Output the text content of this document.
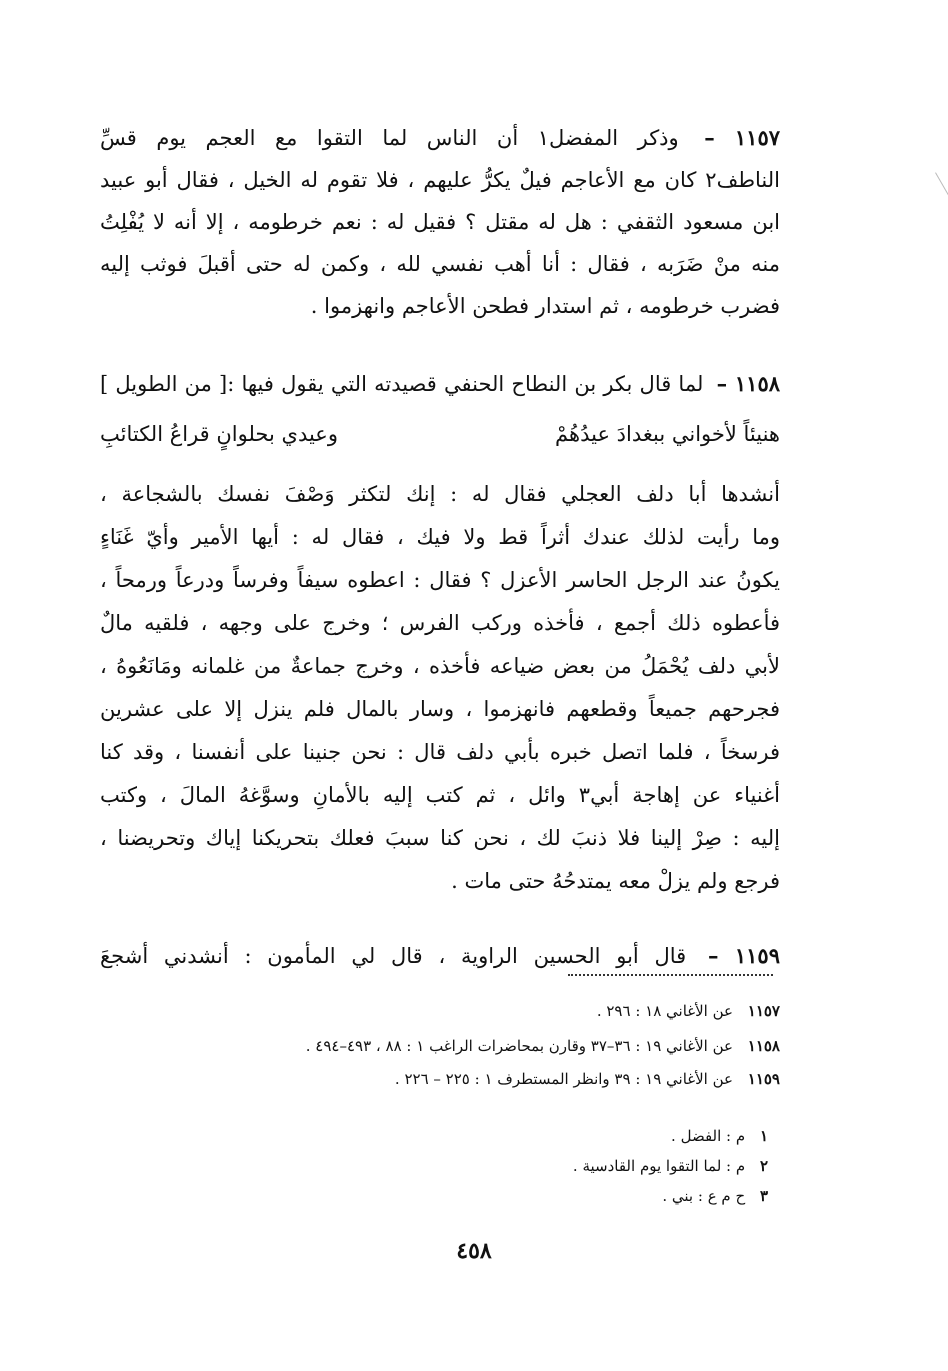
١١٥٧ – وذكر المفضل١ أن الناس لما التقوا مع العجم يوم قسِّ
الناطف٢ كان مع الأعاجم فيلٌ يكرُّ عليهم ، فلا تقوم له الخيل ، فقال أبو عبيد
ابن مسعود الثقفي : هل له مقتل ؟ فقيل له : نعم خرطومه ، إلا أنه لا يُفْلِتُ
منه منْ ضَرَبه ، فقال : أنا أهب نفسي لله ، وكمن له حتى أقبلَ فوثب إليه
فضرب خرطومه ، ثم استدار فطحن الأعاجم وانهزموا .
١١٥٨ – لما قال بكر بن النطاح الحنفي قصيدته التي يقول فيها :[ من الطويل ]
هنيئاً لأخواني ببغدادَ عيدُهُمْ
وعيدي بحلوانٍ قراعُ الكتائبِ
أنشدها أبا دلف العجلي فقال له : إنك لتكثر وَصْفَ نفسك بالشجاعة ،
وما رأيت لذلك عندك أثراً قط ولا فيك ، فقال له : أيها الأمير وأيّ غَنَاءٍ
يكونُ عند الرجل الحاسر الأعزل ؟ فقال : اعطوه سيفاً وفرساً ودرعاً ورمحاً ،
فأعطوه ذلك أجمع ، فأخذه وركب الفرس ؛ وخرج على وجهه ، فلقيه مالٌ
لأبي دلف يُحْمَلُ من بعض ضياعه فأخذه ، وخرج جماعةٌ من غلمانه ومَانَعُوهُ ،
فجرحهم جميعاً وقطعهم فانهزموا ، وسار بالمال فلم ينزل إلا على عشرين
فرسخاً ، فلما اتصل خبره بأبي دلف قال : نحن جنينا على أنفسنا ، وقد كنا
أغنياء عن إهاجة أبي٣ وائل ، ثم كتب إليه بالأمانِ وسوَّغهُ المالَ ، وكتب
إليه : صِرْ إلينا فلا ذنبَ لك ، نحن كنا سببَ فعلك بتحريكنا إياك وتحريضنا ،
فرجع ولم يزلْ معه يمتدحُهُ حتى مات .
١١٥٩ – قال أبو الحسين الراوية ، قال لي المأمون : أنشدني أشجعَ
١١٥٧ عن الأغاني ١٨ : ٢٩٦ .
١١٥٨ عن الأغاني ١٩ : ٣٦–٣٧ وقارن بمحاضرات الراغب ١ : ٨٨ ، ٤٩٣–٤٩٤ .
١١٥٩ عن الأغاني ١٩ : ٣٩ وانظر المستطرف ١ : ٢٢٥ – ٢٢٦ .
١ م : الفضل .
٢ م : لما التقوا يوم القادسية .
٣ ح م ع : بني .
٤٥٨
